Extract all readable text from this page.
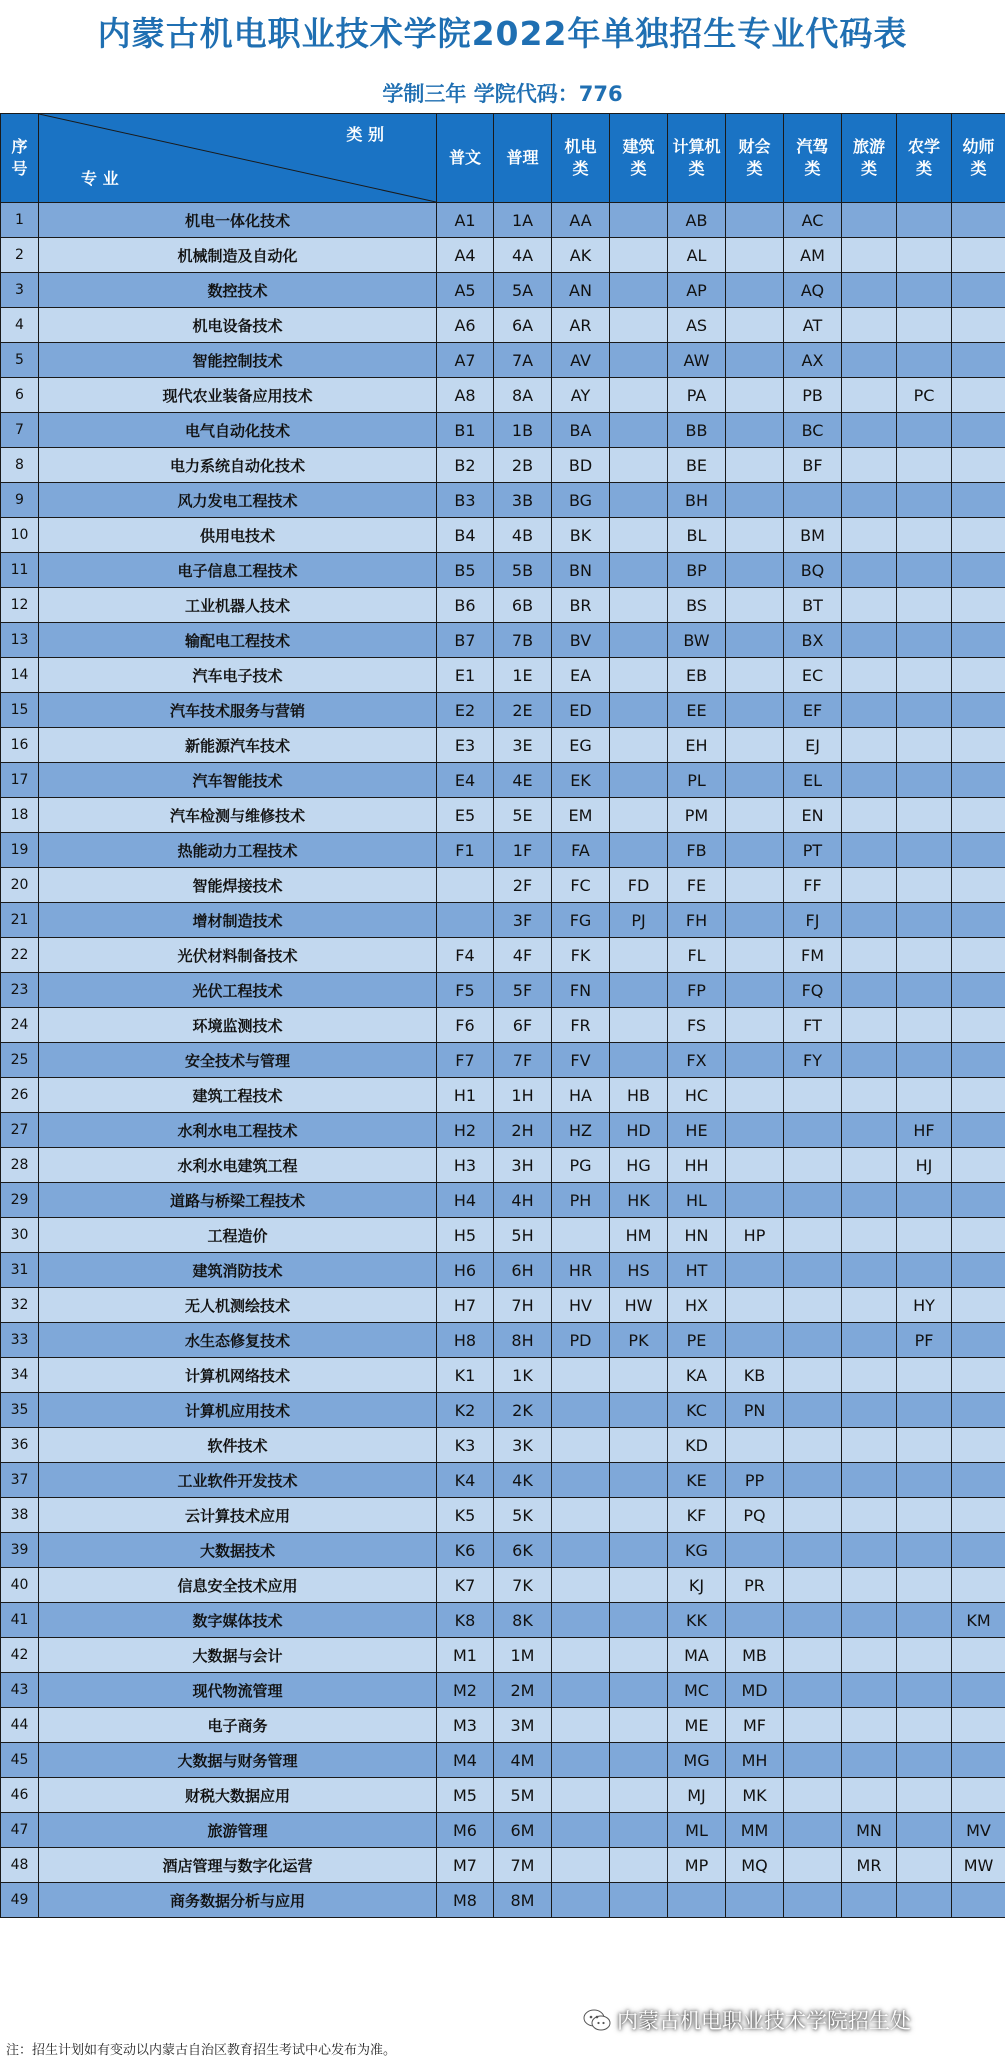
内蒙古机电职业技术学院2022年单独招生专业代码表
学制三年 学院代码：776
序号	类 别
专 业	普文	普理	机电类	建筑类	计算机类	财会类	汽驾类	旅游类	农学类	幼师类
1	机电一体化技术	A1	1A	AA		AB		AC			
2	机械制造及自动化	A4	4A	AK		AL		AM			
3	数控技术	A5	5A	AN		AP		AQ			
4	机电设备技术	A6	6A	AR		AS		AT			
5	智能控制技术	A7	7A	AV		AW		AX			
6	现代农业装备应用技术	A8	8A	AY		PA		PB		PC	
7	电气自动化技术	B1	1B	BA		BB		BC			
8	电力系统自动化技术	B2	2B	BD		BE		BF			
9	风力发电工程技术	B3	3B	BG		BH					
10	供用电技术	B4	4B	BK		BL		BM			
11	电子信息工程技术	B5	5B	BN		BP		BQ			
12	工业机器人技术	B6	6B	BR		BS		BT			
13	输配电工程技术	B7	7B	BV		BW		BX			
14	汽车电子技术	E1	1E	EA		EB		EC			
15	汽车技术服务与营销	E2	2E	ED		EE		EF			
16	新能源汽车技术	E3	3E	EG		EH		EJ			
17	汽车智能技术	E4	4E	EK		PL		EL			
18	汽车检测与维修技术	E5	5E	EM		PM		EN			
19	热能动力工程技术	F1	1F	FA		FB		PT			
20	智能焊接技术		2F	FC	FD	FE		FF			
21	增材制造技术		3F	FG	PJ	FH		FJ			
22	光伏材料制备技术	F4	4F	FK		FL		FM			
23	光伏工程技术	F5	5F	FN		FP		FQ			
24	环境监测技术	F6	6F	FR		FS		FT			
25	安全技术与管理	F7	7F	FV		FX		FY			
26	建筑工程技术	H1	1H	HA	HB	HC					
27	水利水电工程技术	H2	2H	HZ	HD	HE				HF	
28	水利水电建筑工程	H3	3H	PG	HG	HH				HJ	
29	道路与桥梁工程技术	H4	4H	PH	HK	HL					
30	工程造价	H5	5H		HM	HN	HP				
31	建筑消防技术	H6	6H	HR	HS	HT					
32	无人机测绘技术	H7	7H	HV	HW	HX				HY	
33	水生态修复技术	H8	8H	PD	PK	PE				PF	
34	计算机网络技术	K1	1K			KA	KB				
35	计算机应用技术	K2	2K			KC	PN				
36	软件技术	K3	3K			KD					
37	工业软件开发技术	K4	4K			KE	PP				
38	云计算技术应用	K5	5K			KF	PQ				
39	大数据技术	K6	6K			KG					
40	信息安全技术应用	K7	7K			KJ	PR				
41	数字媒体技术	K8	8K			KK					KM
42	大数据与会计	M1	1M			MA	MB				
43	现代物流管理	M2	2M			MC	MD				
44	电子商务	M3	3M			ME	MF				
45	大数据与财务管理	M4	4M			MG	MH				
46	财税大数据应用	M5	5M			MJ	MK				
47	旅游管理	M6	6M			ML	MM		MN		MV
48	酒店管理与数字化运营	M7	7M			MP	MQ		MR		MW
49	商务数据分析与应用	M8	8M								
内蒙古机电职业技术学院招生处
注：招生计划如有变动以内蒙古自治区教育招生考试中心发布为准。
